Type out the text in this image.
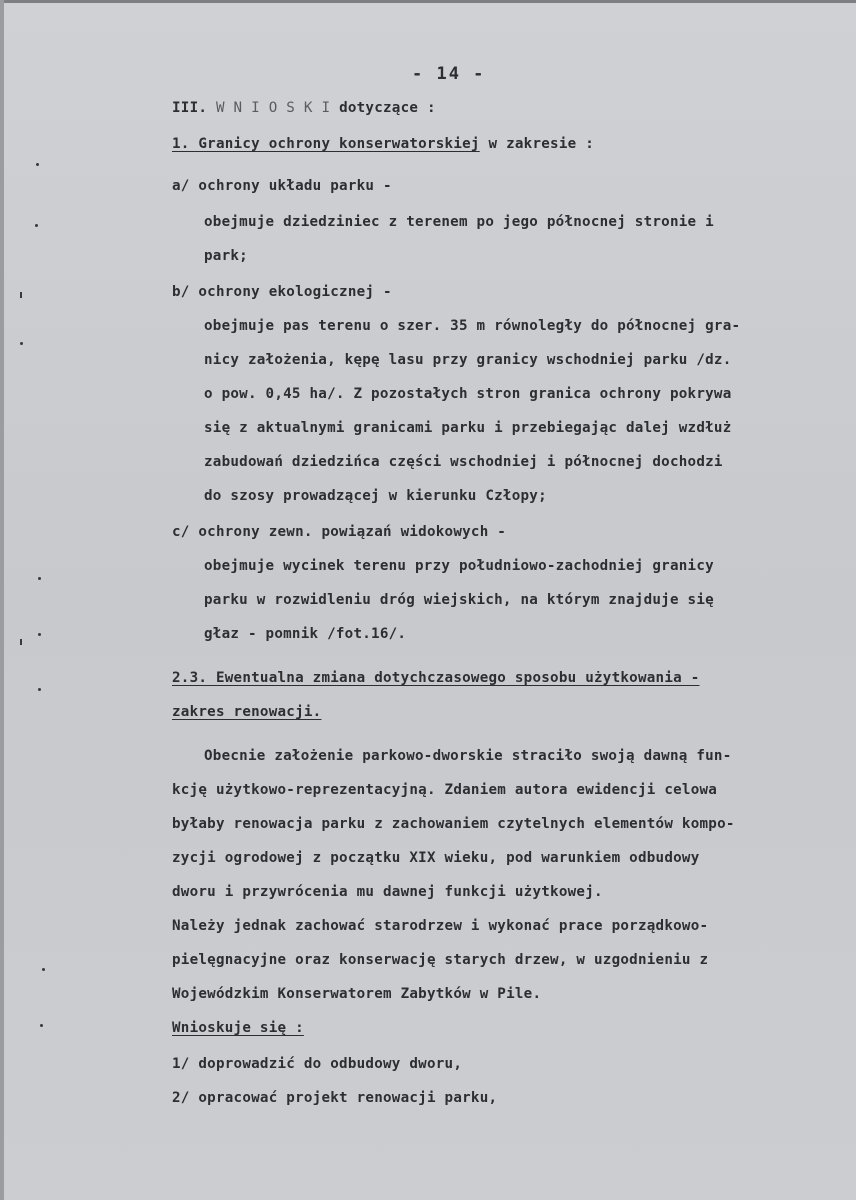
- 14 -
III. W N I O S K I dotyczące :
1. Granicy ochrony konserwatorskiej w zakresie :
a/ ochrony układu parku -
obejmuje dziedziniec z terenem po jego północnej stronie i
park;
b/ ochrony ekologicznej -
obejmuje pas terenu o szer. 35 m równoległy do północnej gra-
nicy założenia, kępę lasu przy granicy wschodniej parku /dz.
o pow. 0,45 ha/. Z pozostałych stron granica ochrony pokrywa
się z aktualnymi granicami parku i przebiegając dalej wzdłuż
zabudowań dziedzińca części wschodniej i północnej dochodzi
do szosy prowadzącej w kierunku Człopy;
c/ ochrony zewn. powiązań widokowych -
obejmuje wycinek terenu przy południowo-zachodniej granicy
parku w rozwidleniu dróg wiejskich, na którym znajduje się
głaz - pomnik /fot.16/.
2.3. Ewentualna zmiana dotychczasowego sposobu użytkowania -
zakres renowacji.
Obecnie założenie parkowo-dworskie straciło swoją dawną fun-
kcję użytkowo-reprezentacyjną. Zdaniem autora ewidencji celowa
byłaby renowacja parku z zachowaniem czytelnych elementów kompo-
zycji ogrodowej z początku XIX wieku, pod warunkiem odbudowy
dworu i przywrócenia mu dawnej funkcji użytkowej.
Należy jednak zachować starodrzew i wykonać prace porządkowo-
pielęgnacyjne oraz konserwację starych drzew, w uzgodnieniu z
Wojewódzkim Konserwatorem Zabytków w Pile.
Wnioskuje się :
1/ doprowadzić do odbudowy dworu,
2/ opracować projekt renowacji parku,
